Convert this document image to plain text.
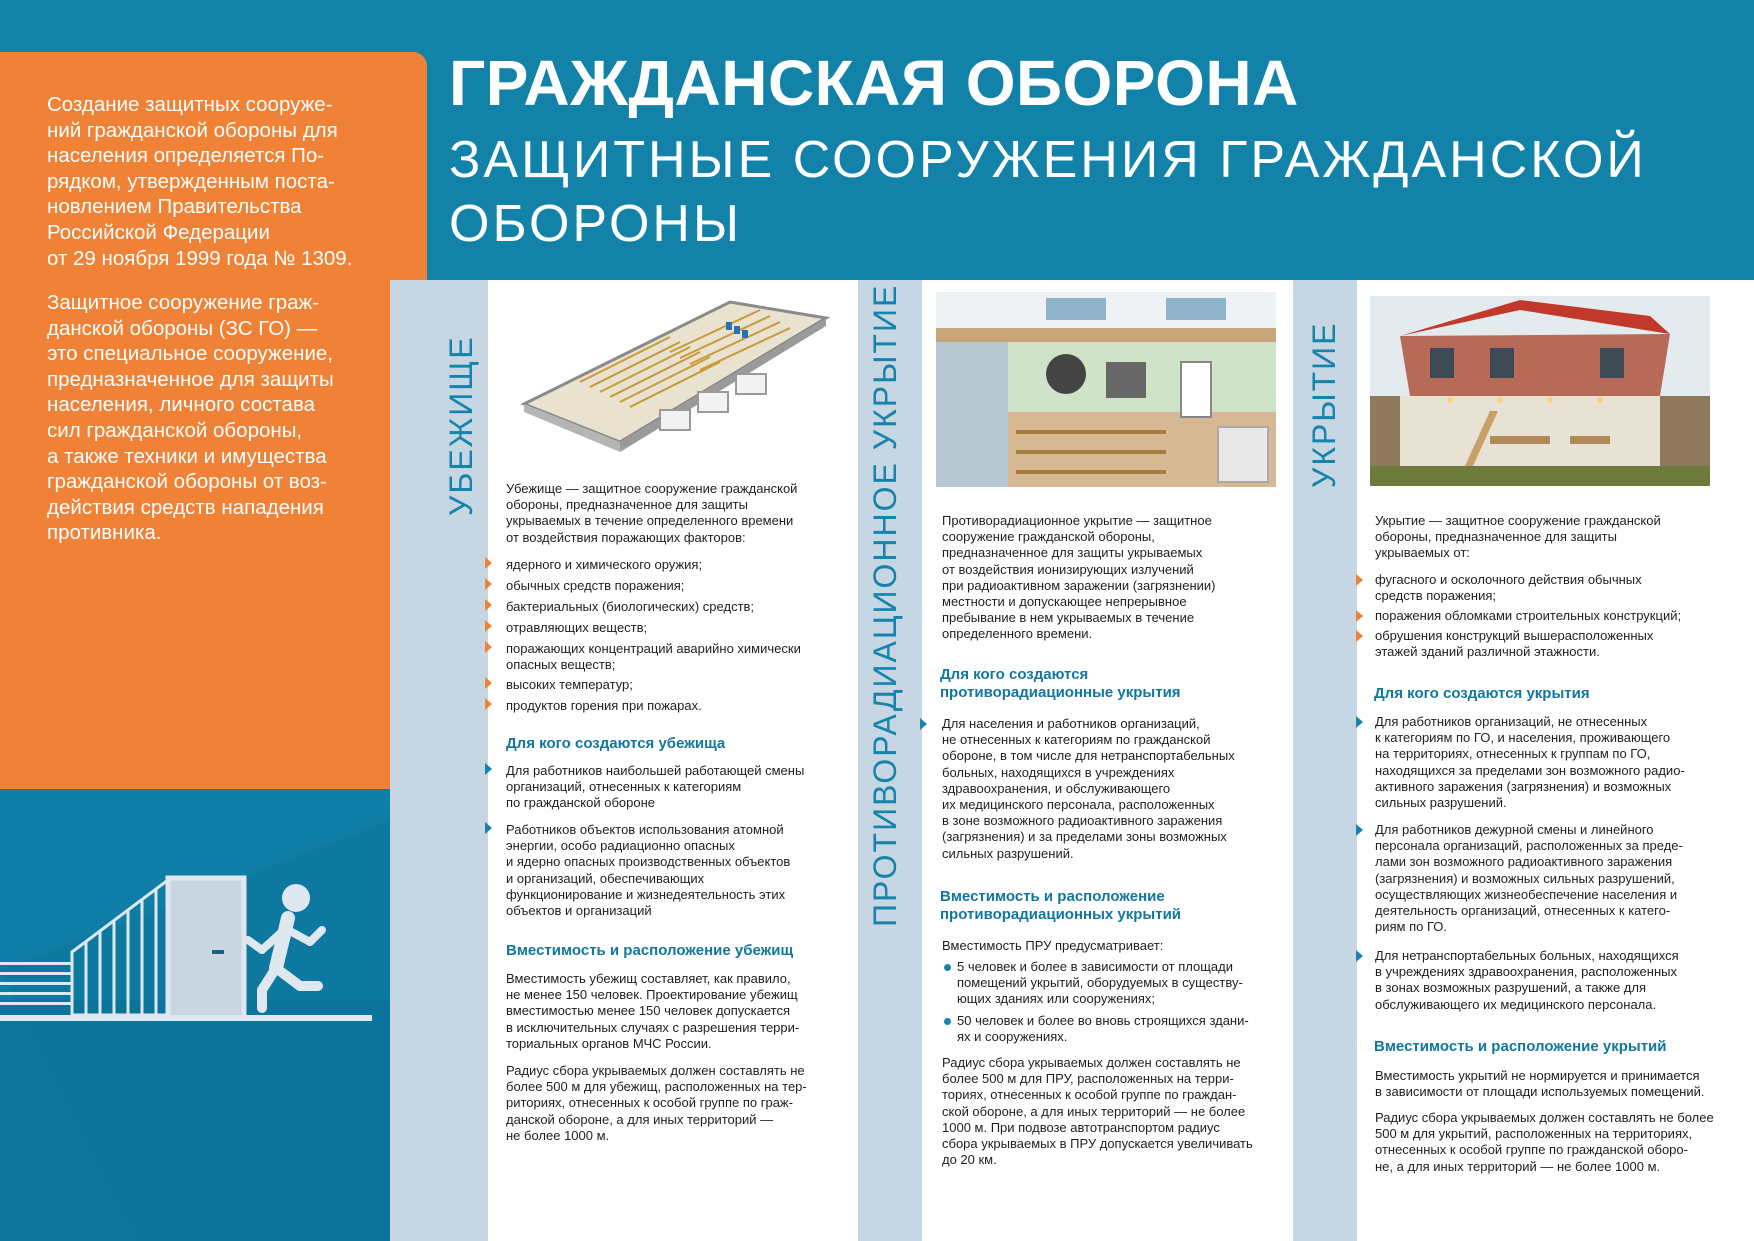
Создание защитных сооруже-
ний гражданской обороны для
населения определяется По-
рядком, утвержденным поста-
новлением Правительства
Российской Федерации
от 29 ноября 1999 года № 1309.
Защитное сооружение граж-
данской обороны (ЗС ГО) —
это специальное сооружение,
предназначенное для защиты
населения, личного состава
сил гражданской обороны,
а также техники и имущества
гражданской обороны от воз-
действия средств нападения
противника.
ГРАЖДАНСКАЯ ОБОРОНА
ЗАЩИТНЫЕ СООРУЖЕНИЯ ГРАЖДАНСКОЙ
ОБОРОНЫ
УБЕЖИЩЕ	ПРОТИВОРАДИАЦИОННОЕ УКРЫТИЕ	УКРЫТИЕ
Убежище — защитное сооружение гражданской
обороны, предназначенное для защиты
укрываемых в течение определенного времени
от воздействия поражающих факторов:
ядерного и химического оружия;
обычных средств поражения;
бактериальных (биологических) средств;
отравляющих веществ;
поражающих концентраций аварийно химически
опасных веществ;
высоких температур;
продуктов горения при пожарах.
Для кого создаются убежища
Для работников наибольшей работающей смены
организаций, отнесенных к категориям
по гражданской обороне
Работников объектов использования атомной
энергии, особо радиационно опасных
и ядерно опасных производственных объектов
и организаций, обеспечивающих
функционирование и жизнедеятельность этих
объектов и организаций
Вместимость и расположение убежищ
Вместимость убежищ составляет, как правило,
не менее 150 человек. Проектирование убежищ
вместимостью менее 150 человек допускается
в исключительных случаях с разрешения терри-
ториальных органов МЧС России.
Радиус сбора укрываемых должен составлять не
более 500 м для убежищ, расположенных на тер-
риториях, отнесенных к особой группе по граж-
данской обороне, а для иных территорий —
не более 1000 м.
Противорадиационное укрытие — защитное
сооружение гражданской обороны,
предназначенное для защиты укрываемых
от воздействия ионизирующих излучений
при радиоактивном заражении (загрязнении)
местности и допускающее непрерывное
пребывание в нем укрываемых в течение
определенного времени.
Для кого создаются
противорадиационные укрытия
Для населения и работников организаций,
не отнесенных к категориям по гражданской
обороне, в том числе для нетранспортабельных
больных, находящихся в учреждениях
здравоохранения, и обслуживающего
их медицинского персонала, расположенных
в зоне возможного радиоактивного заражения
(загрязнения) и за пределами зоны возможных
сильных разрушений.
Вместимость и расположение
противорадиационных укрытий
Вместимость ПРУ предусматривает:
5 человек и более в зависимости от площади
помещений укрытий, оборудуемых в существу-
ющих зданиях или сооружениях;
50 человек и более во вновь строящихся здани-
ях и сооружениях.
Радиус сбора укрываемых должен составлять не
более 500 м для ПРУ, расположенных на терри-
ториях, отнесенных к особой группе по граждан-
ской обороне, а для иных территорий — не более
1000 м. При подвозе автотранспортом радиус
сбора укрываемых в ПРУ допускается увеличивать
до 20 км.
Укрытие — защитное сооружение гражданской
обороны, предназначенное для защиты
укрываемых от:
фугасного и осколочного действия обычных
средств поражения;
поражения обломками строительных конструкций;
обрушения конструкций вышерасположенных
этажей зданий различной этажности.
Для кого создаются укрытия
Для работников организаций, не отнесенных
к категориям по ГО, и населения, проживающего
на территориях, отнесенных к группам по ГО,
находящихся за пределами зон возможного радио-
активного заражения (загрязнения) и возможных
сильных разрушений.
Для работников дежурной смены и линейного
персонала организаций, расположенных за преде-
лами зон возможного радиоактивного заражения
(загрязнения) и возможных сильных разрушений,
осуществляющих жизнеобеспечение населения и
деятельность организаций, отнесенных к катего-
риям по ГО.
Для нетранспортабельных больных, находящихся
в учреждениях здравоохранения, расположенных
в зонах возможных разрушений, а также для
обслуживающего их медицинского персонала.
Вместимость и расположение укрытий
Вместимость укрытий не нормируется и принимается
в зависимости от площади используемых помещений.
Радиус сбора укрываемых должен составлять не более
500 м для укрытий, расположенных на территориях,
отнесенных к особой группе по гражданской оборо-
не, а для иных территорий — не более 1000 м.
